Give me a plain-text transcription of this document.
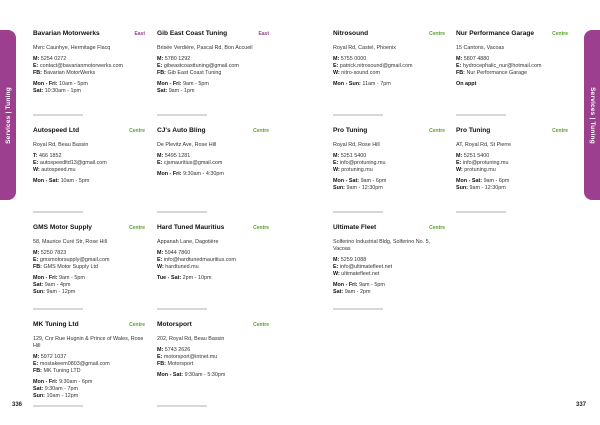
Services | Tuning
336
Services | Tuning
337
Bavarian Motorwerks	East
Mvrc Caunhye, Hermitage Flacq
M: 5254 0272
E: contact@bavarianmotorwerks.com
FB: Bavarian MotorWerks
Mon - Fri: 10am - 5pm
Sat: 10:30am - 1pm
Gib East Coast Tuning	East
Brisée Verdière, Pascal Rd, Bon Accueil
M: 5780 1292
E: gibeastcoasttuning@gmail.com
FB: Gib East Coast Tuning
Mon - Fri: 9am - 5pm
Sat: 9am - 1pm
Nitrosound	Centre
Royal Rd, Castel, Phoenix
M: 5755 0000
E: patrick.nitrosound@gmail.com
W: nitro-sound.com
Mon - Sun: 11am - 7pm
Nur Performance Garage	Centre
15 Cantons, Vacoas
M: 5807 4880
E: hydrocephalic_nur@hotmail.com
FB: Nur Performance Garage
On appt
Autospeed Ltd	Centre
Royal Rd, Beau Bassin
T: 466 1852
E: autospeedltd13@gmail.com
W: autospeed.mu
Mon - Sat: 10am - 5pm
CJ's Auto Bling	Centre
De Plevitz Ave, Rose Hill
M: 5495 1281
E: cjsmauritius@gmail.com
Mon - Fri: 9:30am - 4:30pm
Pro Tuning	Centre
Royal Rd, Rose Hill
M: 5251 5400
E: info@protuning.mu
W: protuning.mu
Mon - Sat: 9am - 6pm
Sun: 9am - 12:30pm
Pro Tuning	Centre
AT, Royal Rd, St Pierre
M: 5251 5400
E: info@protuning.mu
W: protuning.mu
Mon - Sat: 9am - 6pm
Sun: 9am - 12:30pm
GMS Motor Supply	Centre
58, Maurice Curé Str, Rose Hill
M: 5250 7823
E: gmsmotorsupply@gmail.com
FB: GMS Motor Supply Ltd
Mon - Fri: 9am - 5pm
Sat: 9am - 4pm
Sun: 9am - 12pm
Hard Tuned Mauritius	Centre
Appanah Lane, Dagotière
M: 5944 7860
E: info@hardtunedmauritius.com
W: hardtuned.mu
Tue - Sat: 2pm - 10pm
Ultimate Fleet	Centre
Solferino Industrial Bldg, Solferino No. 5, Vacoas
M: 5259 1088
E: info@ultimatefleet.net
W: ultimatefleet.net
Mon - Fri: 9am - 5pm
Sat: 9am - 2pm
MK Tuning Ltd	Centre
129, Cnr Rue Hugnin & Prince of Wales, Rose Hill
M: 5972 1037
E: mostakeem0803@gmail.com
FB: MK Tuning LTD
Mon - Fri: 9:30am - 6pm
Sat: 9:30am - 7pm
Sun: 10am - 12pm
Motorsport	Centre
202, Royal Rd, Beau Bassin
M: 5743 2626
E: motorsport@intnet.mu
FB: Motorsport
Mon - Sat: 9:30am - 5:30pm
